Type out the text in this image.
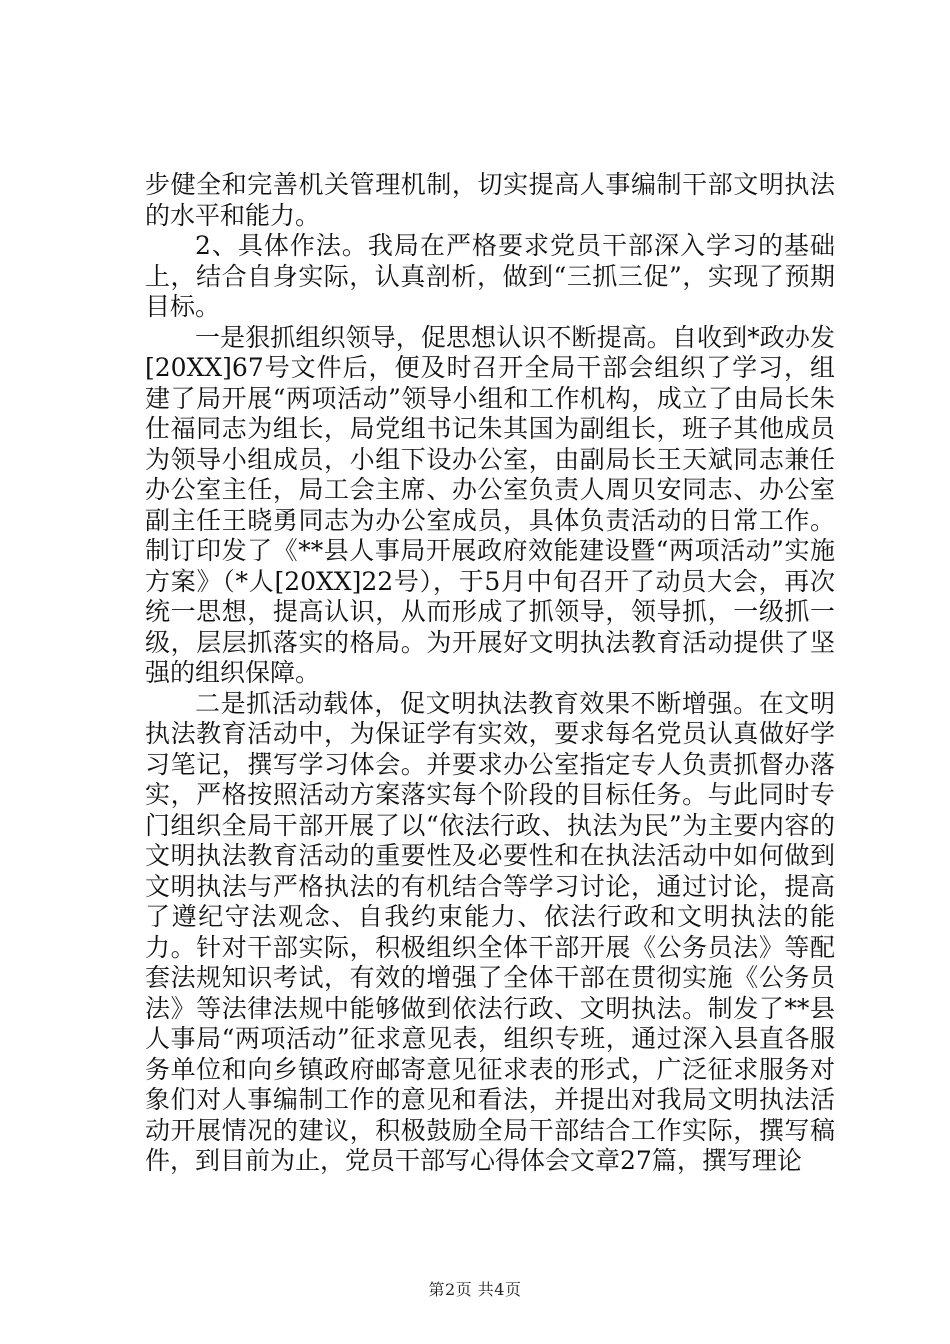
步健全和完善机关管理机制，切实提高人事编制干部文明执法的水平和能力。

2、具体作法。我局在严格要求党员干部深入学习的基础上，结合自身实际，认真剖析，做到“三抓三促”，实现了预期目标。

一是狠抓组织领导，促思想认识不断提高。自收到*政办发[20XX]67号文件后，便及时召开全局干部会组织了学习，组建了局开展“两项活动”领导小组和工作机构，成立了由局长朱仕福同志为组长，局党组书记朱其国为副组长，班子其他成员为领导小组成员，小组下设办公室，由副局长王天斌同志兼任办公室主任，局工会主席、办公室负责人周贝安同志、办公室副主任王晓勇同志为办公室成员，具体负责活动的日常工作。制订印发了《**县人事局开展政府效能建设暨“两项活动”实施方案》（*人[20XX]22号），于5月中旬召开了动员大会，再次统一思想，提高认识，从而形成了抓领导，领导抓，一级抓一级，层层抓落实的格局。为开展好文明执法教育活动提供了坚强的组织保障。

二是抓活动载体，促文明执法教育效果不断增强。在文明执法教育活动中，为保证学有实效，要求每名党员认真做好学习笔记，撰写学习体会。并要求办公室指定专人负责抓督办落实，严格按照活动方案落实每个阶段的目标任务。与此同时专门组织全局干部开展了以“依法行政、执法为民”为主要内容的文明执法教育活动的重要性及必要性和在执法活动中如何做到文明执法与严格执法的有机结合等学习讨论，通过讨论，提高了遵纪守法观念、自我约束能力、依法行政和文明执法的能力。针对干部实际，积极组织全体干部开展《公务员法》等配套法规知识考试，有效的增强了全体干部在贯彻实施《公务员法》等法律法规中能够做到依法行政、文明执法。制发了**县人事局“两项活动”征求意见表，组织专班，通过深入县直各服务单位和向乡镇政府邮寄意见征求表的形式，广泛征求服务对象们对人事编制工作的意见和看法，并提出对我局文明执法活动开展情况的建议，积极鼓励全局干部结合工作实际，撰写稿件，到目前为止，党员干部写心得体会文章27篇，撰写理论

第2页 共4页
